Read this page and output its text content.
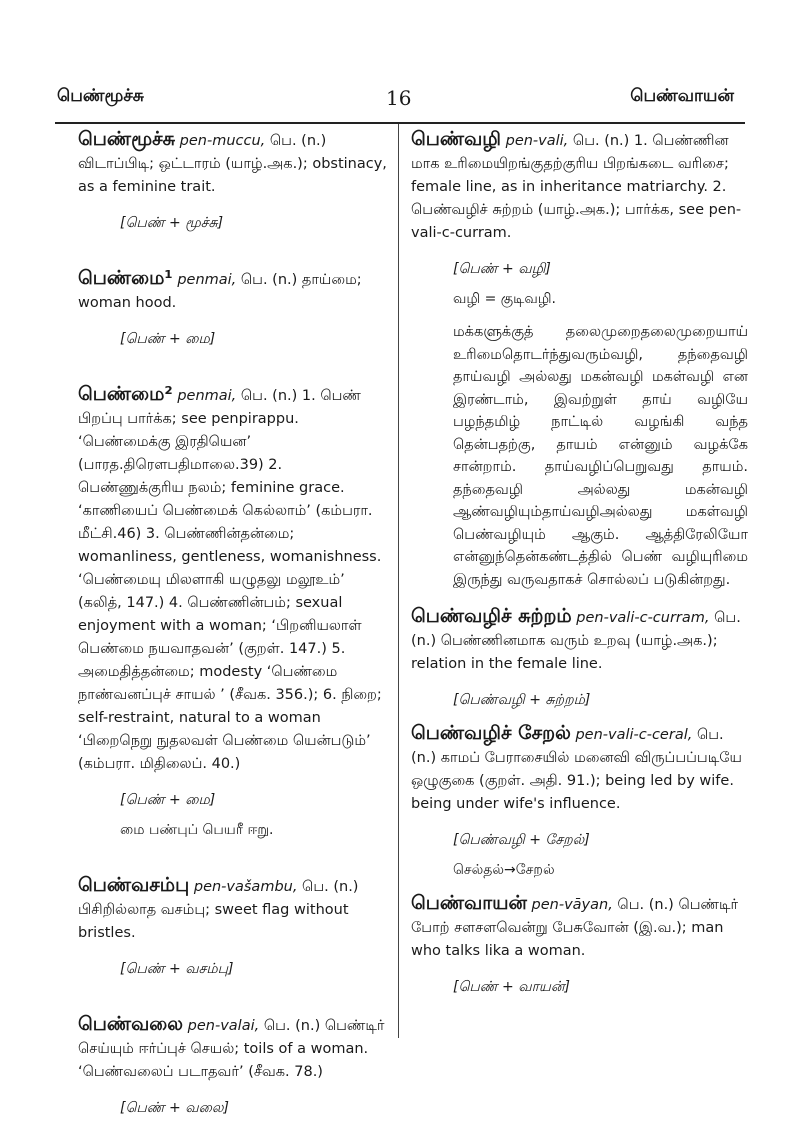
பெண்மூச்சு	16	பெண்வாயன்
பெண்மூச்சு pen-muccu, பெ. (n.) விடாப்பிடி; ஒட்டாரம் (யாழ்.அக.); obstinacy, as a feminine trait.
[பெண் + மூச்சு]
பெண்மை¹ penmai, பெ. (n.) தாய்மை; woman hood.
[பெண் + மை]
பெண்மை² penmai, பெ. (n.) 1. பெண் பிறப்பு பார்க்க; see penpirappu. ‘பெண்மைக்கு இரதியென’ (பாரத.திரௌபதிமாலை.39) 2. பெண்ணுக்குரிய நலம்; feminine grace. ‘காணியைப் பெண்மைக் கெல்லாம்’ (கம்பரா. மீட்சி.46) 3. பெண்ணின்தன்மை; womanliness, gentleness, womanishness. ‘பெண்மையு மிலளாகி யழுதலு மலூஉம்’ (கலித், 147.) 4. பெண்ணின்பம்; sexual enjoyment with a woman; ‘பிறனியலாள் பெண்மை நயவாதவன்’ (குறள். 147.) 5. அமைதித்தன்மை; modesty ‘பெண்மை நாண்வனப்புச் சாயல் ’ (சீவக. 356.); 6. நிறை; self-restraint, natural to a woman ‘பிறைநெறு நுதலவள் பெண்மை யென்படும்’ (கம்பரா. மிதிலைப். 40.)
[பெண் + மை]
மை பண்புப் பெயரீ ஈறு.
பெண்வசம்பு pen-vašambu, பெ. (n.) பிசிறில்லாத வசம்பு; sweet flag without bristles.
[பெண் + வசம்பு]
பெண்வலை pen-valai, பெ. (n.) பெண்டிர் செய்யும் ஈர்ப்புச் செயல்; toils of a woman. ‘பெண்வலைப் படாதவர்’ (சீவக. 78.)
[பெண் + வலை]
பெண்வழி pen-vali, பெ. (n.) 1. பெண்ணின மாக உரிமையிறங்குதற்குரிய பிறங்கடை வரிசை; female line, as in inheritance matriarchy. 2. பெண்வழிச் சுற்றம் (யாழ்.அக.); பார்க்க, see pen-vali-c-curram.
[பெண் + வழி]
வழி = குடிவழி.
மக்களுக்குத் தலைமுறைதலைமுறையாய் உரிமைதொடர்ந்துவரும்வழி, தந்தைவழி தாய்வழி அல்லது மகன்வழி மகள்வழி என இரண்டாம், இவற்றுள் தாய் வழியே பழந்தமிழ் நாட்டில் வழங்கி வந்த தென்பதற்கு, தாயம் என்னும் வழக்கே சான்றாம். தாய்வழிப்பெறுவது தாயம். தந்தைவழி அல்லது மகன்வழி ஆண்வழியும்தாய்வழிஅல்லது மகள்வழி பெண்வழியும் ஆகும். ஆத்திரேலியோ என்னுந்தென்கண்டத்தில் பெண் வழியுரிமை இருந்து வருவதாகச் சொல்லப் படுகின்றது.
பெண்வழிச் சுற்றம் pen-vali-c-curram, பெ. (n.) பெண்ணினமாக வரும் உறவு (யாழ்.அக.); relation in the female line.
[பெண்வழி + சுற்றம்]
பெண்வழிச் சேறல் pen-vali-c-ceral, பெ. (n.) காமப் பேராசையில் மனைவி விருப்பப்படியே ஒழுகுகை (குறள். அதி. 91.); being led by wife. being under wife's influence.
[பெண்வழி + சேறல்]
செல்தல்→சேறல்
பெண்வாயன் pen-vāyan, பெ. (n.) பெண்டிர் போற் சளசளவென்று பேசுவோன் (இ.வ.); man who talks lika a woman.
[பெண் + வாயன்]
